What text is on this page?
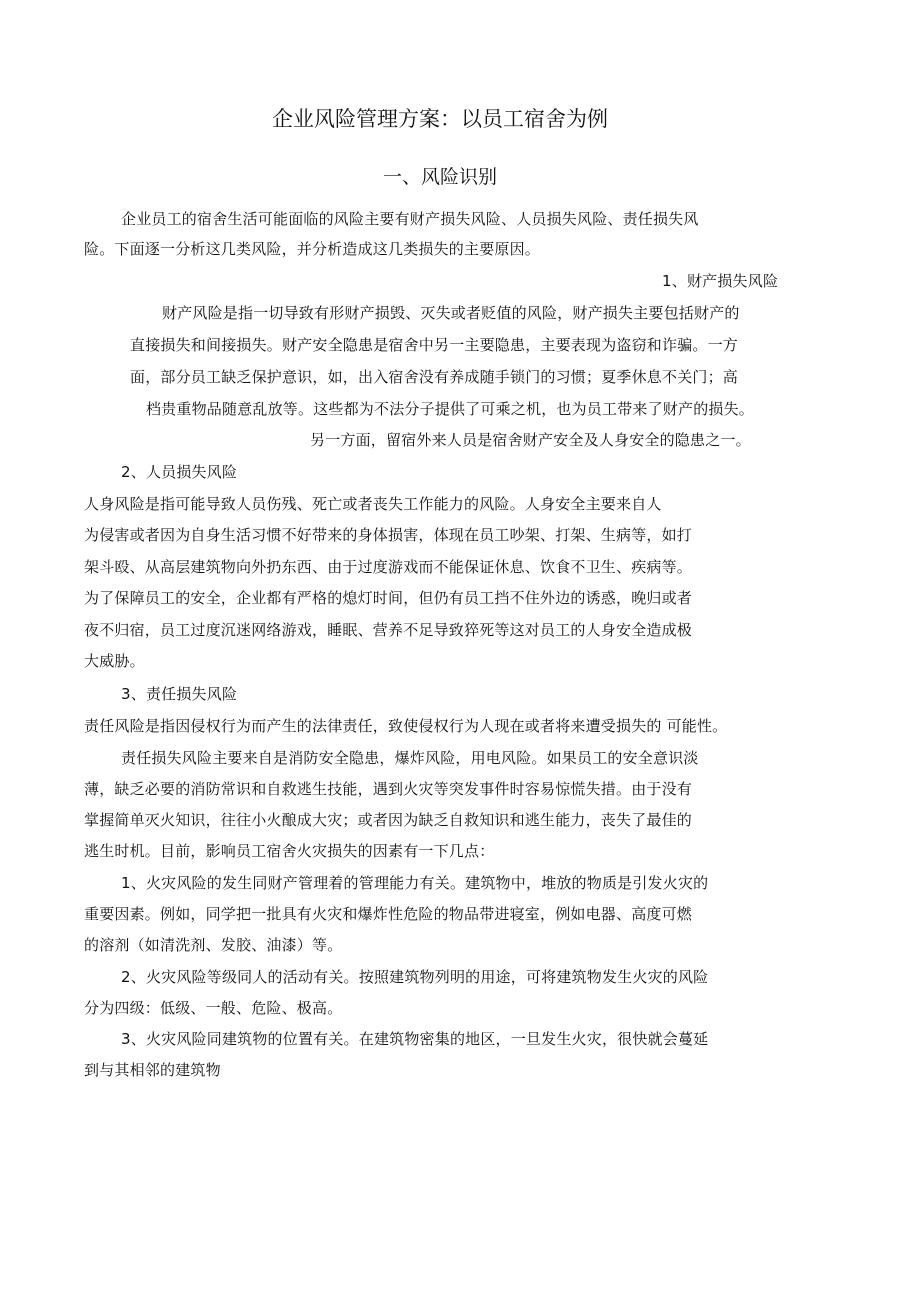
企业风险管理方案：以员工宿舍为例
一、风险识别
企业员工的宿舍生活可能面临的风险主要有财产损失风险、人员损失风险、责任损失风
险。下面逐一分析这几类风险，并分析造成这几类损失的主要原因。
1、财产损失风险
财产风险是指一切导致有形财产损毁、灭失或者贬值的风险，财产损失主要包括财产的
直接损失和间接损失。财产安全隐患是宿舍中另一主要隐患，主要表现为盗窃和诈骗。一方
面，部分员工缺乏保护意识，如，出入宿舍没有养成随手锁门的习惯；夏季休息不关门；高
档贵重物品随意乱放等。这些都为不法分子提供了可乘之机，也为员工带来了财产的损失。
另一方面，留宿外来人员是宿舍财产安全及人身安全的隐患之一。
2、人员损失风险
人身风险是指可能导致人员伤残、死亡或者丧失工作能力的风险。人身安全主要来自人
为侵害或者因为自身生活习惯不好带来的身体损害，体现在员工吵架、打架、生病等，如打
架斗殴、从高层建筑物向外扔东西、由于过度游戏而不能保证休息、饮食不卫生、疾病等。
为了保障员工的安全，企业都有严格的熄灯时间，但仍有员工挡不住外边的诱惑，晚归或者
夜不归宿，员工过度沉迷网络游戏，睡眠、营养不足导致猝死等这对员工的人身安全造成极
大威胁。
3、责任损失风险
责任风险是指因侵权行为而产生的法律责任，致使侵权行为人现在或者将来遭受损失的 可能性。
责任损失风险主要来自是消防安全隐患，爆炸风险，用电风险。如果员工的安全意识淡
薄，缺乏必要的消防常识和自救逃生技能，遇到火灾等突发事件时容易惊慌失措。由于没有
掌握简单灭火知识，往往小火酿成大灾；或者因为缺乏自救知识和逃生能力，丧失了最佳的
逃生时机。目前，影响员工宿舍火灾损失的因素有一下几点：
1、火灾风险的发生同财产管理着的管理能力有关。建筑物中，堆放的物质是引发火灾的
重要因素。例如，同学把一批具有火灾和爆炸性危险的物品带进寝室，例如电器、高度可燃
的溶剂（如清洗剂、发胶、油漆）等。
2、火灾风险等级同人的活动有关。按照建筑物列明的用途，可将建筑物发生火灾的风险
分为四级：低级、一般、危险、极高。
3、火灾风险同建筑物的位置有关。在建筑物密集的地区，一旦发生火灾，很快就会蔓延
到与其相邻的建筑物
